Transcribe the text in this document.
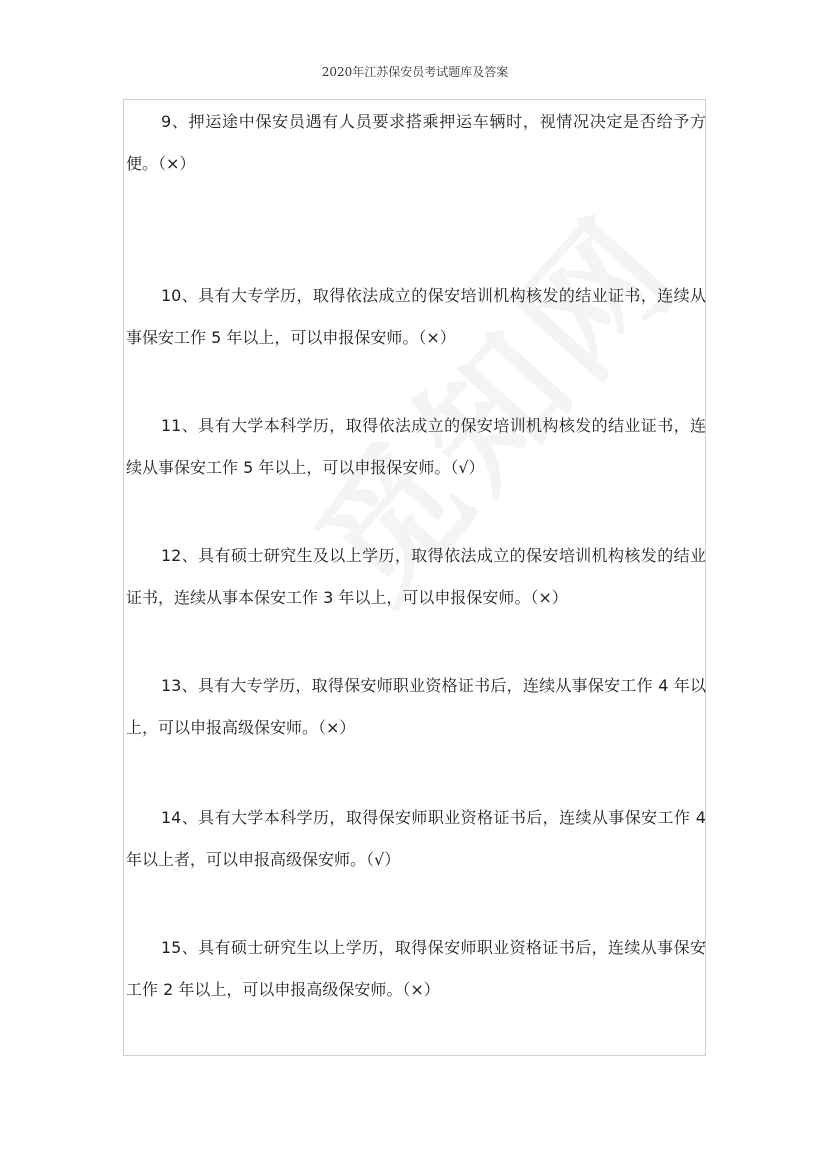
2020年江苏保安员考试题库及答案
9、押运途中保安员遇有人员要求搭乘押运车辆时，视情况决定是否给予方便。（×）
10、具有大专学历，取得依法成立的保安培训机构核发的结业证书，连续从事保安工作 5 年以上，可以申报保安师。（×）
11、具有大学本科学历，取得依法成立的保安培训机构核发的结业证书，连续从事保安工作 5 年以上，可以申报保安师。（√）
12、具有硕士研究生及以上学历，取得依法成立的保安培训机构核发的结业证书，连续从事本保安工作 3 年以上，可以申报保安师。（×）
13、具有大专学历，取得保安师职业资格证书后，连续从事保安工作 4 年以上，可以申报高级保安师。（×）
14、具有大学本科学历，取得保安师职业资格证书后，连续从事保安工作 4 年以上者，可以申报高级保安师。（√）
15、具有硕士研究生以上学历，取得保安师职业资格证书后，连续从事保安工作 2 年以上，可以申报高级保安师。（×）
